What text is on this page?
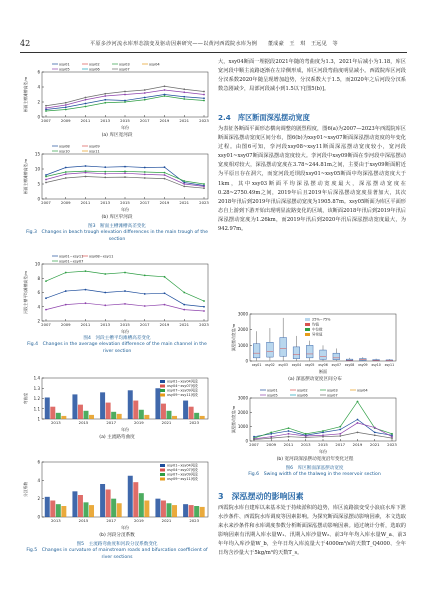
42	平原多沙河流水库形态演变及驱动因素研究——以黄河西霞院水库为例　　董成豪　王　琪　王远见　等
0
2
4
6
断面主槽滩槽高差/m
年份
2007	2009	2011	2013	2015	2017	2019	2021	2023
xsy01	xsy02	xsy03	xsy04
xsy05	xsy06	xsy07
(a) 库区宽河段
0
5
10
15
断面主槽滩槽高差/m
年份
2007	2009	2011	2013	2015	2017	2019	2021	2023
xsy08	xsy09
xsy10	xsy11
(b) 库区窄河段
图3　断面主槽滩槽高差变化
Fig.3　Changes in beach trough elevation differences in the main trough of the section
2
4
6
8
10
河段主槽平均滩槽高差/m
年份
2007	2009	2011	2013	2015	2017	2019	2021	2023
xsy01~xsy11 xsy08~xsy11
xsy01~xsy07
图4　河段主槽平均滩槽高差变化
Fig.4　Changes in the average elevation difference of the main channel in the river section
1
1.1
1.2
1.3
1.4
弯曲度
年份
2013	2015	2017	2019	2021	2023
xsy01~xsy04河段
xsy04~xsy07河段
xsy07~xsy09河段
xsy09~xsy11河段
(a) 主流路弯曲度
0
2
4
6
分汊系数
年份
2013	2015	2017	2019	2021	2023
xsy01~xsy04河段
xsy04~xsy07河段
xsy07~xsy09河段
xsy09~xsy11河段
(b) 河段分汊系数
图5　主流路弯曲度和河段分汊系数变化
Fig.5　Changes in curvature of mainstream roads and bifurcation coefficient of river sections
大，xsy04断面一埋据段2021年随的弯曲度为1.3，2021年后减小为1.18，库区宽河段中顺主流路逐渐在左岸侧形成，库区河段弯曲度明显减小。西霞院库区河段分汊系数2020年随呈现增加趋势，分汊系数大于1.5，而2020年之后河段分汊系数急剧减少，局部河段减小到1.5以下[图5(b)]。
2.4　库区断面深泓摆动宽度
为表征各断面平面形态横向调整的剧烈程度，图6(a)为2007—2023年西霞院库区断面深泓摆动宽度区间分布，图6(b)为xsy01~xsy07断面深泓摆动宽度的年变化过程。由图6可知，孪河段xsy08~xsy11断面深泓摆动宽度较小，宽河段xsy01~xsy07断面深泓摆动宽度较大。孪河段中xsy09断面在孪河段中深泓摆动宽度相对较大，深泓摆动宽度在3.78~244.81m之间，主要由于xsy09断面附近为平原且存在洞穴，而宽河段近坝段xsy01~xsy05断面中均深泓摆动宽度大于1km，其中xsy03断面平均深泓摆动宽度最大，深泓摆动宽度在0.28~2750.49m之间，2019年后且2019年后深泓摆动宽度显著加大，其次2018年汛后到2019年汛后深泓摆动宽度为1905.87m。xsy05断面为库区平面形态自上游到下游开始出现明显流路变化的区域，该断面2018年汛后到2019年汛后深泓摆动宽度为1.26km，而2019年汛后到2020年汛后深泓摆动宽度最大，为942.97m。
0
1000
2000
3000
深泓摆动宽度/m
断面
xsy01 xsy02 xsy03 xsy04 xsy05 xsy06 xsy07 xsy08 xsy09 xsy10 xsy11
25%~75%
均值
中位数
异常值
(a) 深泓摆动宽度区间分布
0
1000
2000
3000
深泓摆动宽度/m
年份
2007 2009 2011 2013 2015 2017 2019 2021 2023
xsy01	xsy02	xsy03	xsy04
xsy05	xsy06	xsy07
(b) 宽河段深泓摆动宽度沿年变化过程
图6　库区断面深泓摆动宽度
Fig.6　Swing width of the thalweg in the reservoir section
3　深泓摆动的影响因素
西霞院水库自建库以来基本处于持续淤积的趋势，库区流路演变受小浪底水库下泄水沙条件、西霞院水库调度等因素影响。为探究断面深泓摆动影响因素，本文选取来水来沙条件和水库调度参数分析断面深泓摆动影响因素。通过统计分析，选取的影响因素有汛期入库水量W₁、汛期入库沙量W₂、前3年年均入库水量W_a、前3年年均入库沙量W_b，全年日均入库流量大于4000m³/s的天数T_Q4000、全年日均含沙量大于5kg/m³的天数T_s。
